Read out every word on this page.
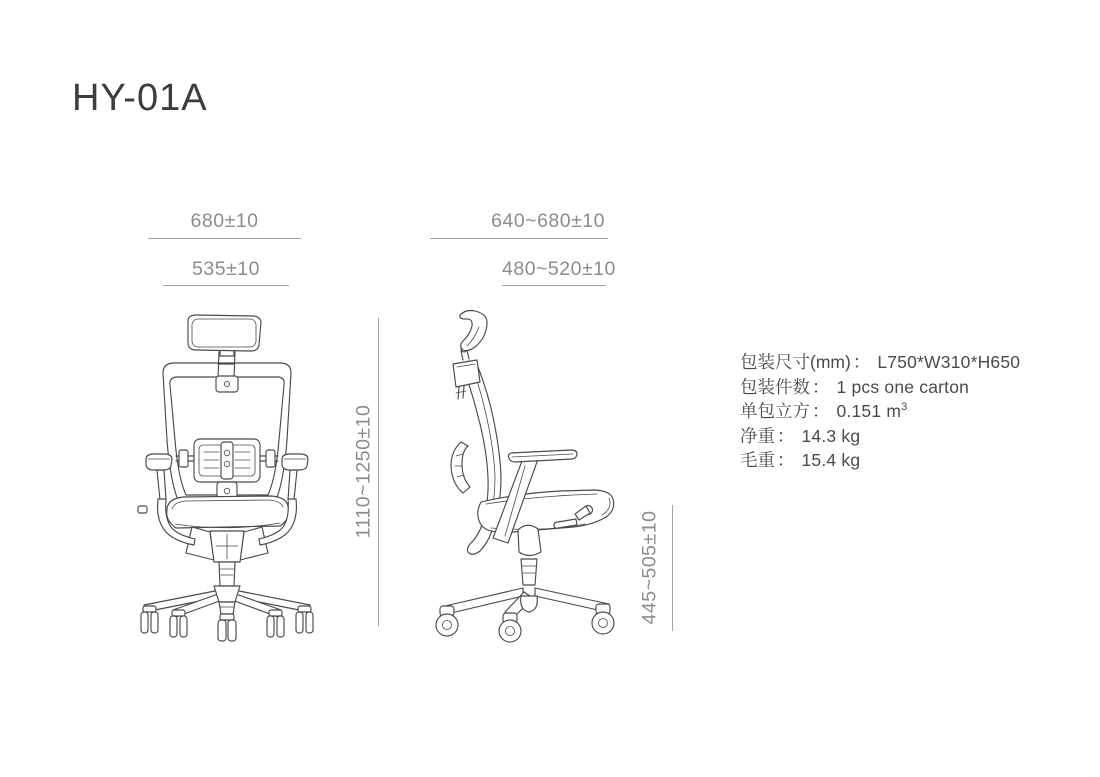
HY-01A
680±10
535±10
640~680±10
480~520±10
1110~1250±10
445~505±10
包装尺寸(mm) ： L750*W310*H650
包装件数 ： 1 pcs one carton
单包立方 ： 0.151 $m^3$
净重 ： 14.3 kg
毛重 ： 15.4 kg
